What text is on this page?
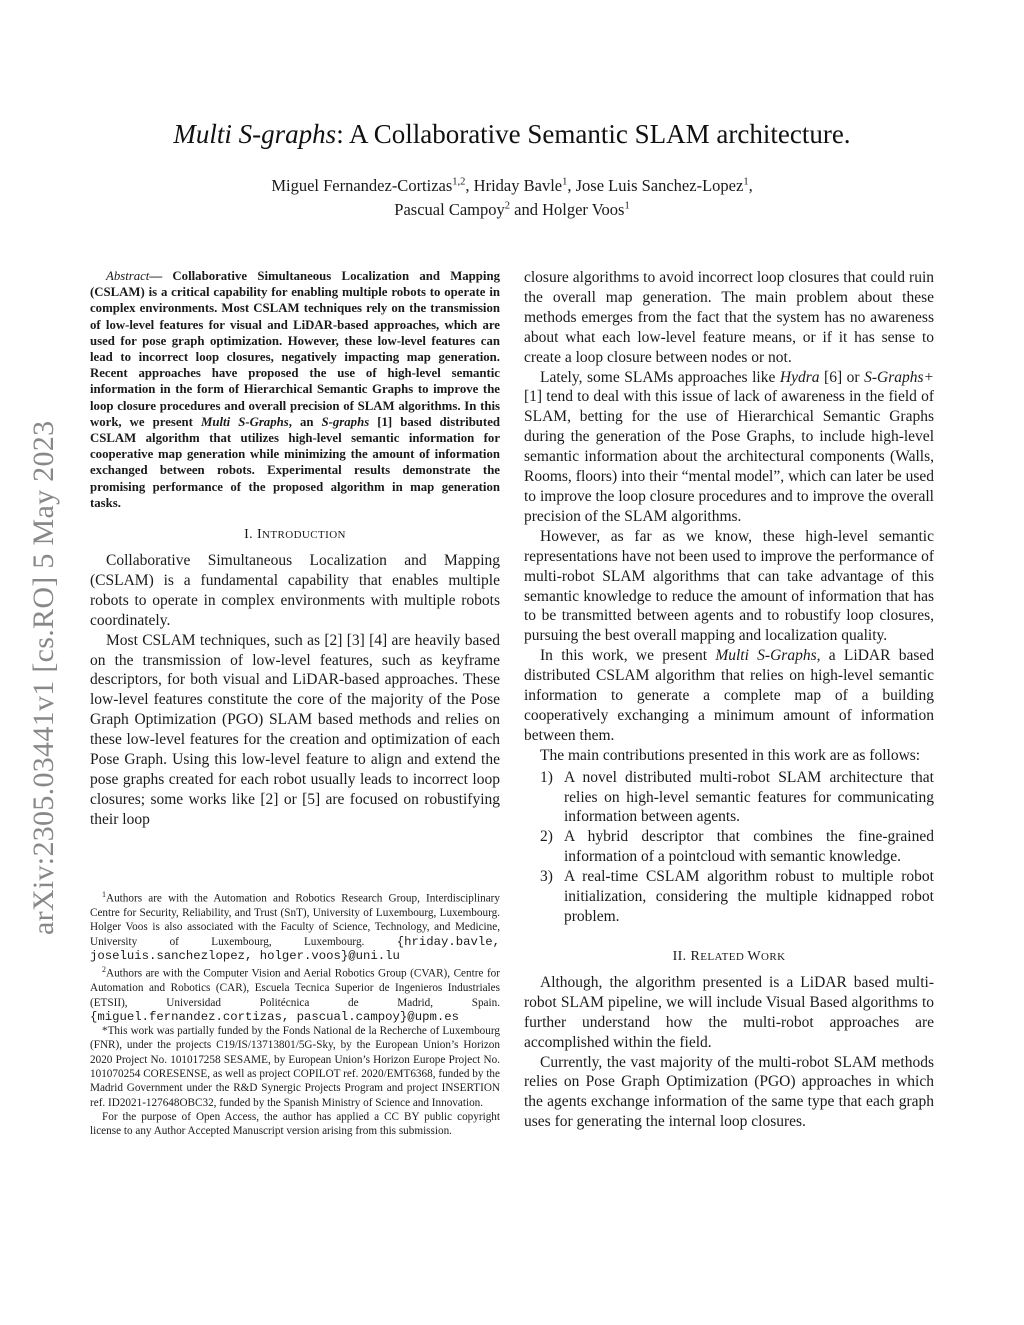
arXiv:2305.03441v1 [cs.RO] 5 May 2023
Multi S-graphs: A Collaborative Semantic SLAM architecture.
Miguel Fernandez-Cortizas$^{1,2}$, Hriday Bavle$^1$, Jose Luis Sanchez-Lopez$^1$,
Pascual Campoy$^2$ and Holger Voos$^1$
Abstract— Collaborative Simultaneous Localization and Mapping (CSLAM) is a critical capability for enabling multiple robots to operate in complex environments. Most CSLAM techniques rely on the transmission of low-level features for visual and LiDAR-based approaches, which are used for pose graph optimization. However, these low-level features can lead to incorrect loop closures, negatively impacting map generation. Recent approaches have proposed the use of high-level semantic information in the form of Hierarchical Semantic Graphs to improve the loop closure procedures and overall precision of SLAM algorithms. In this work, we present Multi S-Graphs, an S-graphs [1] based distributed CSLAM algorithm that utilizes high-level semantic information for cooperative map generation while minimizing the amount of information exchanged between robots. Experimental results demonstrate the promising performance of the proposed algorithm in map generation tasks.
I. INTRODUCTION

Collaborative Simultaneous Localization and Mapping (CSLAM) is a fundamental capability that enables multiple robots to operate in complex environments with multiple robots coordinately.

Most CSLAM techniques, such as [2] [3] [4] are heavily based on the transmission of low-level features, such as keyframe descriptors, for both visual and LiDAR-based approaches. These low-level features constitute the core of the majority of the Pose Graph Optimization (PGO) SLAM based methods and relies on these low-level features for the creation and optimization of each Pose Graph. Using this low-level feature to align and extend the pose graphs created for each robot usually leads to incorrect loop closures; some works like [2] or [5] are focused on robustifying their loop

$^1$Authors are with the Automation and Robotics Research Group, Interdisciplinary Centre for Security, Reliability, and Trust (SnT), University of Luxembourg, Luxembourg. Holger Voos is also associated with the Faculty of Science, Technology, and Medicine, University of Luxembourg, Luxembourg. {hriday.bavle, joseluis.sanchezlopez, holger.voos}@uni.lu

$^2$Authors are with the Computer Vision and Aerial Robotics Group (CVAR), Centre for Automation and Robotics (CAR), Escuela Tecnica Superior de Ingenieros Industriales (ETSII), Universidad Politécnica de Madrid, Spain. {miguel.fernandez.cortizas, pascual.campoy}@upm.es

*This work was partially funded by the Fonds National de la Recherche of Luxembourg (FNR), under the projects C19/IS/13713801/5G-Sky, by the European Union’s Horizon 2020 Project No. 101017258 SESAME, by European Union’s Horizon Europe Project No. 101070254 CORESENSE, as well as project COPILOT ref. 2020/EMT6368, funded by the Madrid Government under the R&D Synergic Projects Program and project INSERTION ref. ID2021-127648OBC32, funded by the Spanish Ministry of Science and Innovation.

For the purpose of Open Access, the author has applied a CC BY public copyright license to any Author Accepted Manuscript version arising from this submission.

closure algorithms to avoid incorrect loop closures that could ruin the overall map generation. The main problem about these methods emerges from the fact that the system has no awareness about what each low-level feature means, or if it has sense to create a loop closure between nodes or not.

Lately, some SLAMs approaches like Hydra [6] or S-Graphs+ [1] tend to deal with this issue of lack of awareness in the field of SLAM, betting for the use of Hierarchical Semantic Graphs during the generation of the Pose Graphs, to include high-level semantic information about the architectural components (Walls, Rooms, floors) into their “mental model”, which can later be used to improve the loop closure procedures and to improve the overall precision of the SLAM algorithms.

However, as far as we know, these high-level semantic representations have not been used to improve the performance of multi-robot SLAM algorithms that can take advantage of this semantic knowledge to reduce the amount of information that has to be transmitted between agents and to robustify loop closures, pursuing the best overall mapping and localization quality.

In this work, we present Multi S-Graphs, a LiDAR based distributed CSLAM algorithm that relies on high-level semantic information to generate a complete map of a building cooperatively exchanging a minimum amount of information between them.

The main contributions presented in this work are as follows:

1) A novel distributed multi-robot SLAM architecture that relies on high-level semantic features for communicating information between agents.
2) A hybrid descriptor that combines the fine-grained information of a pointcloud with semantic knowledge.
3) A real-time CSLAM algorithm robust to multiple robot initialization, considering the multiple kidnapped robot problem.
II. RELATED WORK

Although, the algorithm presented is a LiDAR based multi-robot SLAM pipeline, we will include Visual Based algorithms to further understand how the multi-robot approaches are accomplished within the field.

Currently, the vast majority of the multi-robot SLAM methods relies on Pose Graph Optimization (PGO) approaches in which the agents exchange information of the same type that each graph uses for generating the internal loop closures.
